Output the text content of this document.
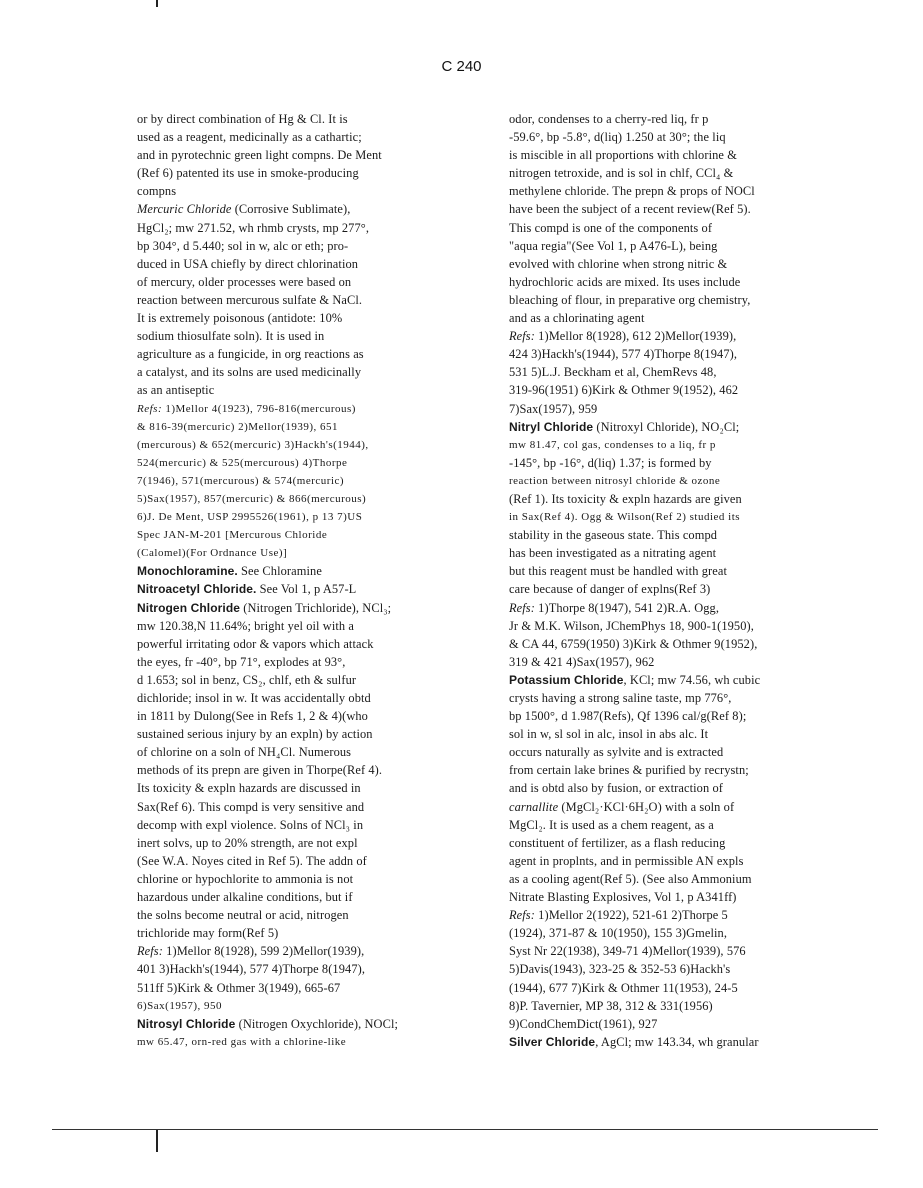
C 240
or by direct combination of Hg & Cl. It is
used as a reagent, medicinally as a cathartic;
and in pyrotechnic green light compns. De Ment
(Ref 6) patented its use in smoke-producing
compns
Mercuric Chloride (Corrosive Sublimate),
HgCl₂; mw 271.52, wh rhmb crysts, mp 277°,
bp 304°, d 5.440; sol in w, alc or eth; pro-
duced in USA chiefly by direct chlorination
of mercury, older processes were based on
reaction between mercurous sulfate & NaCl.
It is extremely poisonous (antidote: 10%
sodium thiosulfate soln). It is used in
agriculture as a fungicide, in org reactions as
a catalyst, and its solns are used medicinally
as an antiseptic
Refs: 1)Mellor 4(1923), 796-816(mercurous)
& 816-39(mercuric) 2)Mellor(1939), 651
(mercurous) & 652(mercuric) 3)Hackh's(1944),
524(mercuric) & 525(mercurous) 4)Thorpe
7(1946), 571(mercurous) & 574(mercuric)
5)Sax(1957), 857(mercuric) & 866(mercurous)
6)J. De Ment, USP 2995526(1961), p 13 7)US
Spec JAN-M-201 [Mercurous Chloride
(Calomel)(For Ordnance Use)]
Monochloramine. See Chloramine
Nitroacetyl Chloride. See Vol 1, p A57-L
Nitrogen Chloride (Nitrogen Trichloride), NCl₃;
mw 120.38,N 11.64%; bright yel oil with a
powerful irritating odor & vapors which attack
the eyes, fr -40°, bp 71°, explodes at 93°,
d 1.653; sol in benz, CS₂, chlf, eth & sulfur
dichloride; insol in w. It was accidentally obtd
in 1811 by Dulong(See in Refs 1, 2 & 4)(who
sustained serious injury by an expln) by action
of chlorine on a soln of NH₄Cl. Numerous
methods of its prepn are given in Thorpe(Ref 4).
Its toxicity & expln hazards are discussed in
Sax(Ref 6). This compd is very sensitive and
decomp with expl violence. Solns of NCl₃ in
inert solvs, up to 20% strength, are not expl
(See W.A. Noyes cited in Ref 5). The addn of
chlorine or hypochlorite to ammonia is not
hazardous under alkaline conditions, but if
the solns become neutral or acid, nitrogen
trichloride may form(Ref 5)
Refs: 1)Mellor 8(1928), 599 2)Mellor(1939),
401 3)Hackh's(1944), 577 4)Thorpe 8(1947),
511ff 5)Kirk & Othmer 3(1949), 665-67
6)Sax(1957), 950
Nitrosyl Chloride (Nitrogen Oxychloride), NOCl;
mw 65.47, orn-red gas with a chlorine-like
odor, condenses to a cherry-red liq, fr p
-59.6°, bp -5.8°, d(liq) 1.250 at 30°; the liq
is miscible in all proportions with chlorine &
nitrogen tetroxide, and is sol in chlf, CCl₄ &
methylene chloride. The prepn & props of NOCl
have been the subject of a recent review(Ref 5).
This compd is one of the components of
"aqua regia"(See Vol 1, p A476-L), being
evolved with chlorine when strong nitric &
hydrochloric acids are mixed. Its uses include
bleaching of flour, in preparative org chemistry,
and as a chlorinating agent
Refs: 1)Mellor 8(1928), 612 2)Mellor(1939),
424 3)Hackh's(1944), 577 4)Thorpe 8(1947),
531 5)L.J. Beckham et al, ChemRevs 48,
319-96(1951) 6)Kirk & Othmer 9(1952), 462
7)Sax(1957), 959
Nitryl Chloride (Nitroxyl Chloride), NO₂Cl;
mw 81.47, col gas, condenses to a liq, fr p
-145°, bp -16°, d(liq) 1.37; is formed by
reaction between nitrosyl chloride & ozone
(Ref 1). Its toxicity & expln hazards are given
in Sax(Ref 4). Ogg & Wilson(Ref 2) studied its
stability in the gaseous state. This compd
has been investigated as a nitrating agent
but this reagent must be handled with great
care because of danger of explns(Ref 3)
Refs: 1)Thorpe 8(1947), 541 2)R.A. Ogg,
Jr & M.K. Wilson, JChemPhys 18, 900-1(1950),
& CA 44, 6759(1950) 3)Kirk & Othmer 9(1952),
319 & 421 4)Sax(1957), 962
Potassium Chloride, KCl; mw 74.56, wh cubic
crysts having a strong saline taste, mp 776°,
bp 1500°, d 1.987(Refs), Qf 1396 cal/g(Ref 8);
sol in w, sl sol in alc, insol in abs alc. It
occurs naturally as sylvite and is extracted
from certain lake brines & purified by recrystn;
and is obtd also by fusion, or extraction of
carnallite (MgCl₂·KCl·6H₂O) with a soln of
MgCl₂. It is used as a chem reagent, as a
constituent of fertilizer, as a flash reducing
agent in proplnts, and in permissible AN expls
as a cooling agent(Ref 5). (See also Ammonium
Nitrate Blasting Explosives, Vol 1, p A341ff)
Refs: 1)Mellor 2(1922), 521-61 2)Thorpe 5
(1924), 371-87 & 10(1950), 155 3)Gmelin,
Syst Nr 22(1938), 349-71 4)Mellor(1939), 576
5)Davis(1943), 323-25 & 352-53 6)Hackh's
(1944), 677 7)Kirk & Othmer 11(1953), 24-5
8)P. Tavernier, MP 38, 312 & 331(1956)
9)CondChemDict(1961), 927
Silver Chloride, AgCl; mw 143.34, wh granular
